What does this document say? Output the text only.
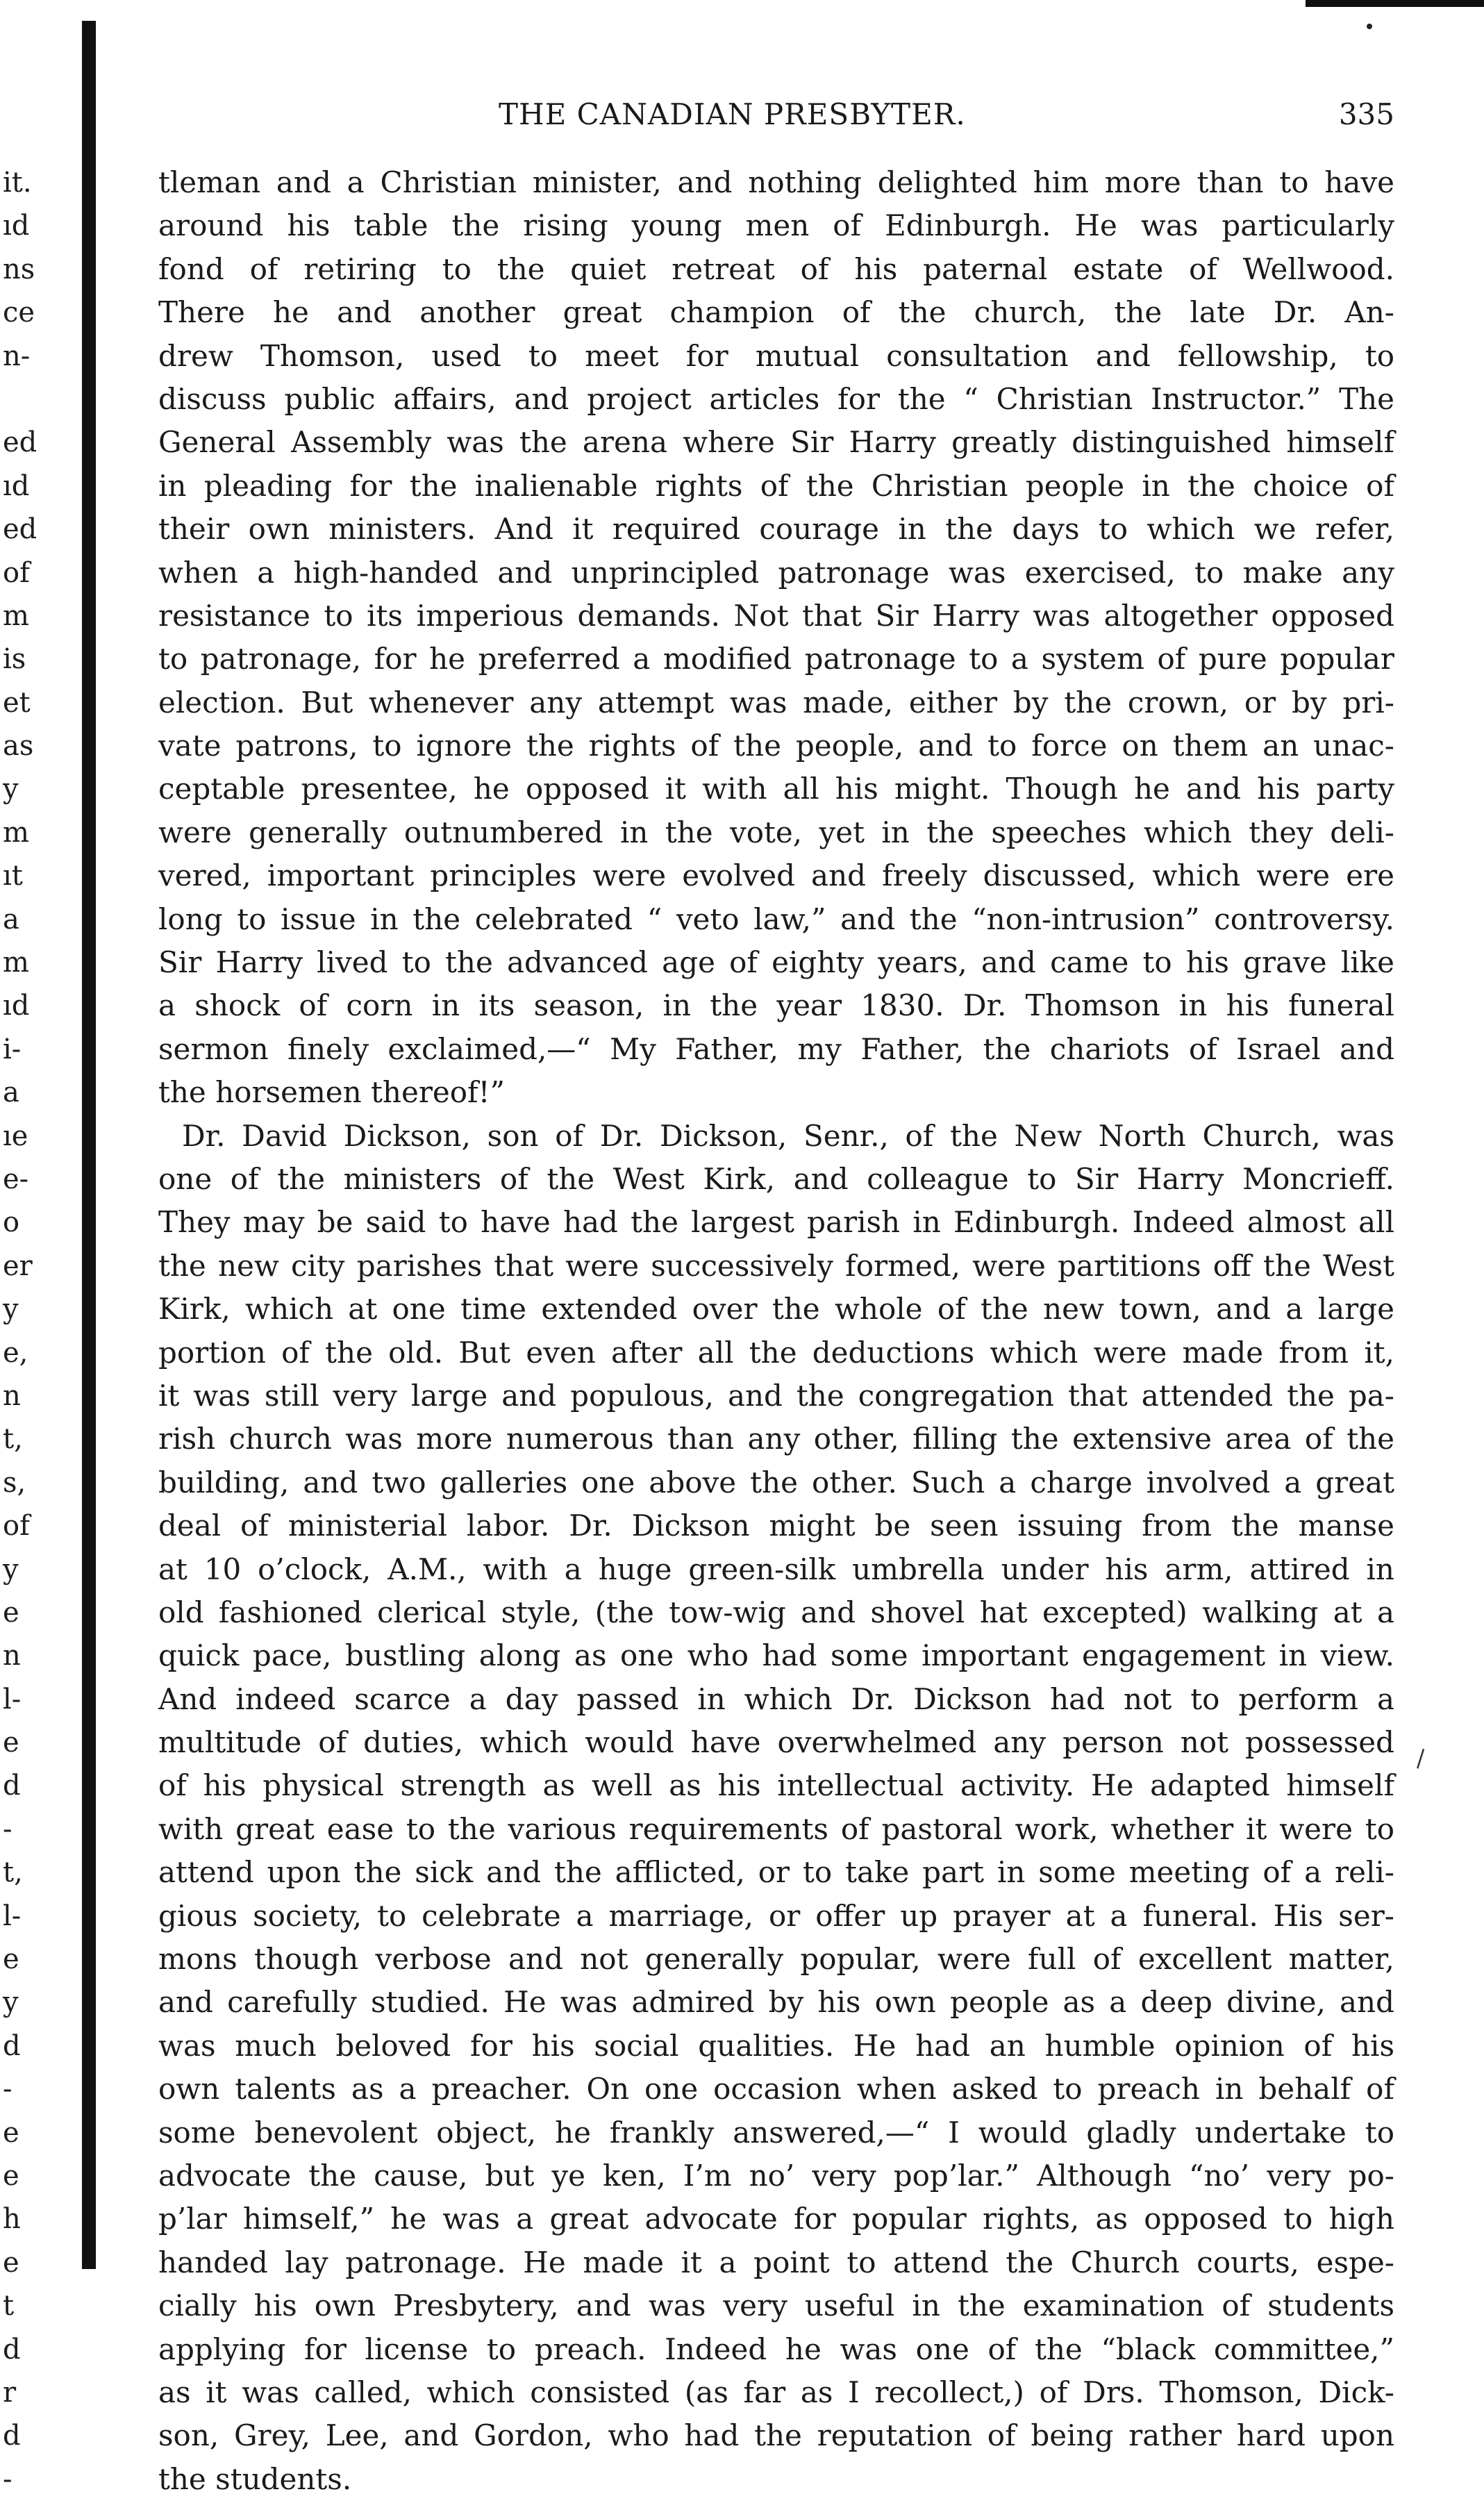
it.
ıd
ns
ce
n-
ed
ıd
ed
of
m
is
et
as
y
m
ıt
a
m
ıd
i-
a
ıe
e-
o
er
y
e,
n
t,
s,
of
y
e
n
l-
e
d
-
t,
l-
e
y
d
-
e
e
h
e
t
d
r
d
-
THE CANADIAN PRESBYTER.	335

tleman and a Christian minister, and nothing delighted him more than to have
around his table the rising young men of Edinburgh. He was particularly
fond of retiring to the quiet retreat of his paternal estate of Wellwood.
There he and another great champion of the church, the late Dr. An-
drew Thomson, used to meet for mutual consultation and fellowship, to
discuss public affairs, and project articles for the “ Christian Instructor.” The
General Assembly was the arena where Sir Harry greatly distinguished himself
in pleading for the inalienable rights of the Christian people in the choice of
their own ministers. And it required courage in the days to which we refer,
when a high-handed and unprincipled patronage was exercised, to make any
resistance to its imperious demands. Not that Sir Harry was altogether opposed
to patronage, for he preferred a modified patronage to a system of pure popular
election. But whenever any attempt was made, either by the crown, or by pri-
vate patrons, to ignore the rights of the people, and to force on them an unac-
ceptable presentee, he opposed it with all his might. Though he and his party
were generally outnumbered in the vote, yet in the speeches which they deli-
vered, important principles were evolved and freely discussed, which were ere
long to issue in the celebrated “ veto law,” and the “non-intrusion” controversy.
Sir Harry lived to the advanced age of eighty years, and came to his grave like
a shock of corn in its season, in the year 1830. Dr. Thomson in his funeral
sermon finely exclaimed,—“ My Father, my Father, the chariots of Israel and
the horsemen thereof!”

Dr. David Dickson, son of Dr. Dickson, Senr., of the New North Church, was
one of the ministers of the West Kirk, and colleague to Sir Harry Moncrieff.
They may be said to have had the largest parish in Edinburgh. Indeed almost all
the new city parishes that were successively formed, were partitions off the West
Kirk, which at one time extended over the whole of the new town, and a large
portion of the old. But even after all the deductions which were made from it,
it was still very large and populous, and the congregation that attended the pa-
rish church was more numerous than any other, filling the extensive area of the
building, and two galleries one above the other. Such a charge involved a great
deal of ministerial labor. Dr. Dickson might be seen issuing from the manse
at 10 o’clock, A.M., with a huge green-silk umbrella under his arm, attired in
old fashioned clerical style, (the tow-wig and shovel hat excepted) walking at a
quick pace, bustling along as one who had some important engagement in view.
And indeed scarce a day passed in which Dr. Dickson had not to perform a
multitude of duties, which would have overwhelmed any person not possessed
of his physical strength as well as his intellectual activity. He adapted himself
with great ease to the various requirements of pastoral work, whether it were to
attend upon the sick and the afflicted, or to take part in some meeting of a reli-
gious society, to celebrate a marriage, or offer up prayer at a funeral. His ser-
mons though verbose and not generally popular, were full of excellent matter,
and carefully studied. He was admired by his own people as a deep divine, and
was much beloved for his social qualities. He had an humble opinion of his
own talents as a preacher. On one occasion when asked to preach in behalf of
some benevolent object, he frankly answered,—“ I would gladly undertake to
advocate the cause, but ye ken, I’m no’ very pop’lar.” Although “no’ very po-
p’lar himself,” he was a great advocate for popular rights, as opposed to high
handed lay patronage. He made it a point to attend the Church courts, espe-
cially his own Presbytery, and was very useful in the examination of students
applying for license to preach. Indeed he was one of the “black committee,”
as it was called, which consisted (as far as I recollect,) of Drs. Thomson, Dick-
son, Grey, Lee, and Gordon, who had the reputation of being rather hard upon
the students.

\
